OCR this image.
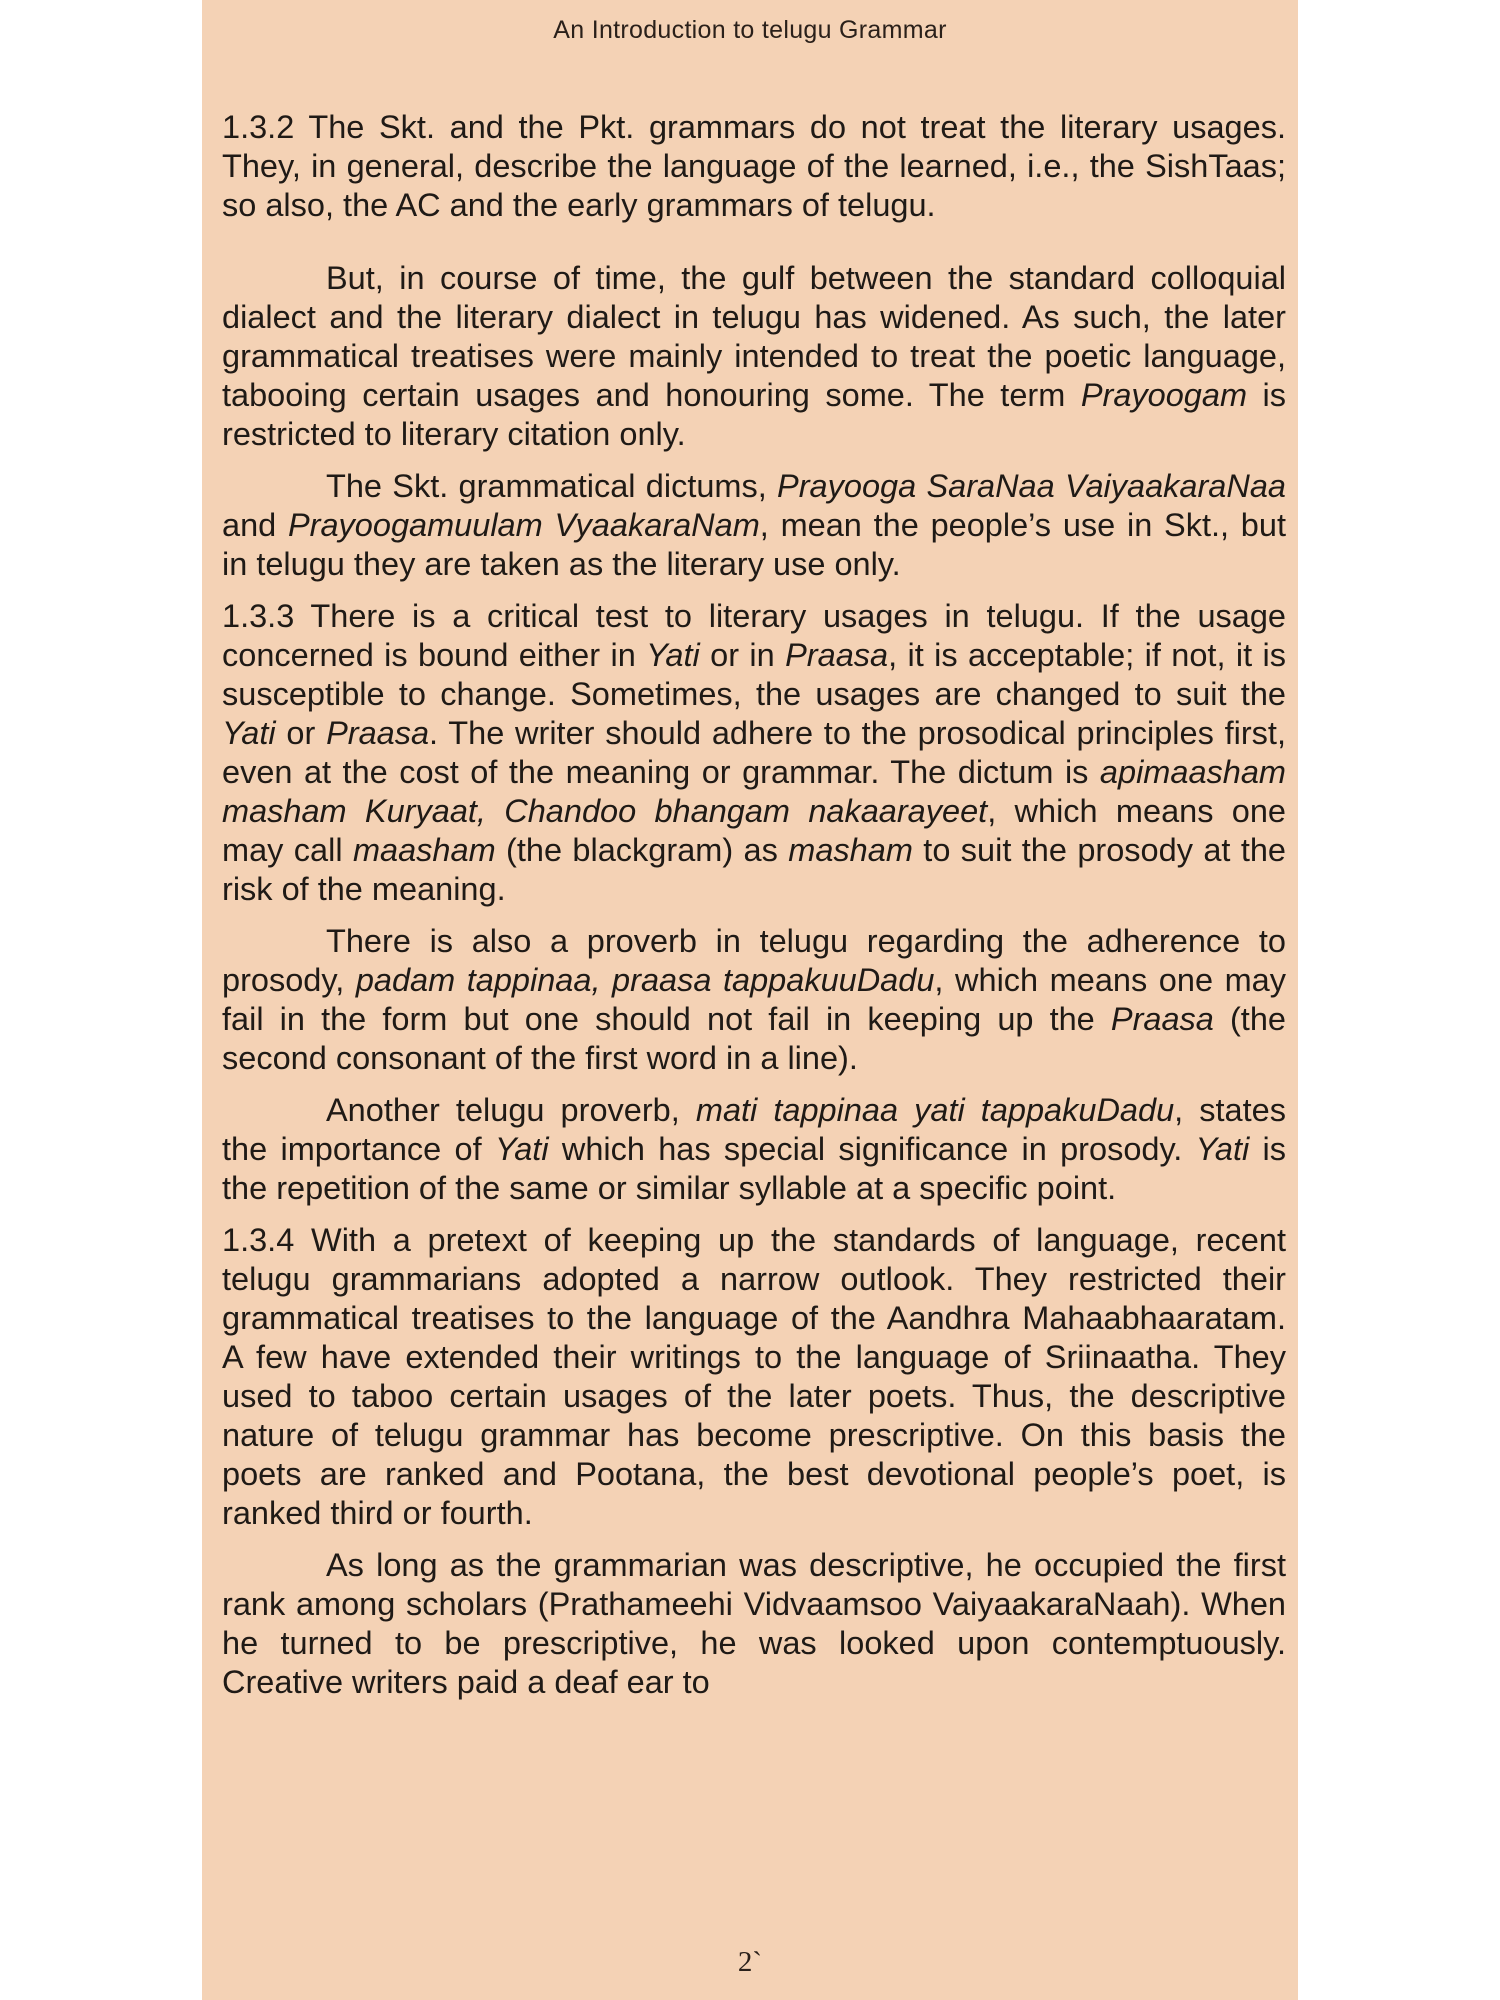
An Introduction to telugu Grammar

1.3.2 The Skt. and the Pkt. grammars do not treat the literary usages. They, in general, describe the language of the learned, i.e., the SishTaas; so also, the AC and the early grammars of telugu.

But, in course of time, the gulf between the standard colloquial dialect and the literary dialect in telugu has widened. As such, the later grammatical treatises were mainly intended to treat the poetic language, tabooing certain usages and honouring some. The term Prayoogam is restricted to literary citation only.

The Skt. grammatical dictums, Prayooga SaraNaa VaiyaakaraNaa and Prayoogamuulam VyaakaraNam, mean the people’s use in Skt., but in telugu they are taken as the literary use only.

1.3.3 There is a critical test to literary usages in telugu. If the usage concerned is bound either in Yati or in Praasa, it is acceptable; if not, it is susceptible to change. Sometimes, the usages are changed to suit the Yati or Praasa. The writer should adhere to the prosodical principles first, even at the cost of the meaning or grammar. The dictum is apimaasham masham Kuryaat, Chandoo bhangam nakaarayeet, which means one may call maasham (the blackgram) as masham to suit the prosody at the risk of the meaning.

There is also a proverb in telugu regarding the adherence to prosody, padam tappinaa, praasa tappakuuDadu, which means one may fail in the form but one should not fail in keeping up the Praasa (the second consonant of the first word in a line).

Another telugu proverb, mati tappinaa yati tappakuDadu, states the importance of Yati which has special significance in prosody. Yati is the repetition of the same or similar syllable at a specific point.

1.3.4 With a pretext of keeping up the standards of language, recent telugu grammarians adopted a narrow outlook. They restricted their grammatical treatises to the language of the Aandhra Mahaabhaaratam. A few have extended their writings to the language of Sriinaatha. They used to taboo certain usages of the later poets. Thus, the descriptive nature of telugu grammar has become prescriptive. On this basis the poets are ranked and Pootana, the best devotional people’s poet, is ranked third or fourth.

As long as the grammarian was descriptive, he occupied the first rank among scholars (Prathameehi Vidvaamsoo VaiyaakaraNaah). When he turned to be prescriptive, he was looked upon contemptuously. Creative writers paid a deaf ear to

2`
